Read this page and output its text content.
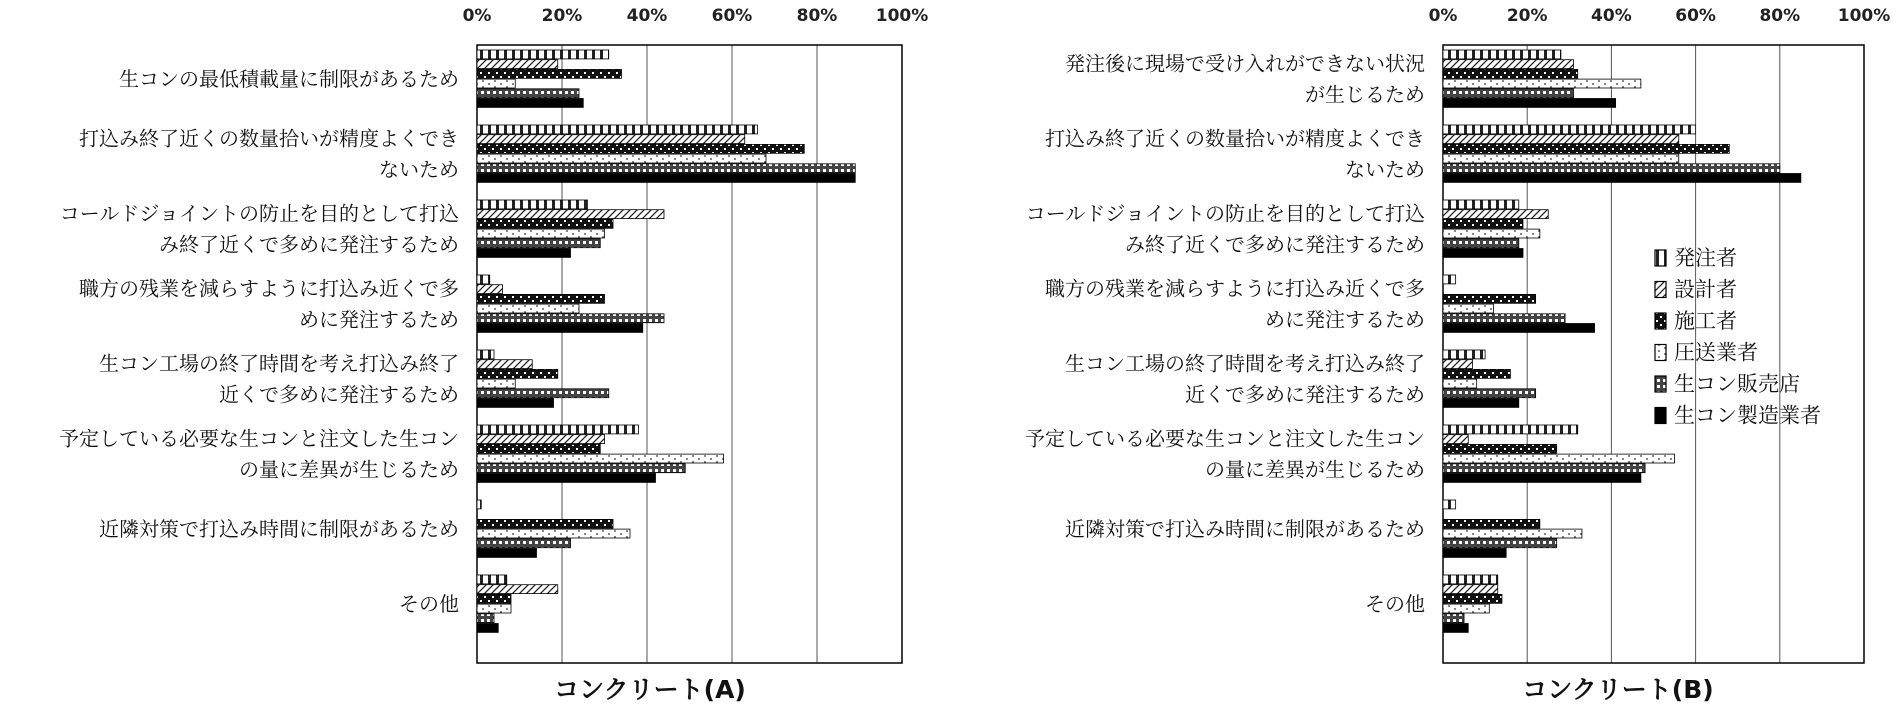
0%	20%	40%	60%	80% 100%
生コンの最低積載量に制限があるため
打込み終了近くの数量拾いが精度よくでき
ないため
コールドジョイントの防止を目的として打込
み終了近くで多めに発注するため
職方の残業を減らすように打込み近くで多
めに発注するため
生コン工場の終了時間を考え打込み終了
近くで多めに発注するため
予定している必要な生コンと注文した生コン
の量に差異が生じるため
近隣対策で打込み時間に制限があるため
その他
コンクリート(A)
0%	20%	40%	60%	80% 100%
発注後に現場で受け入れができない状況
が生じるため
打込み終了近くの数量拾いが精度よくでき
ないため
コールドジョイントの防止を目的として打込
み終了近くで多めに発注するため
職方の残業を減らすように打込み近くで多
めに発注するため
生コン工場の終了時間を考え打込み終了
近くで多めに発注するため
予定している必要な生コンと注文した生コン
の量に差異が生じるため
近隣対策で打込み時間に制限があるため
その他
コンクリート(B)
発注者
設計者
施工者
圧送業者
生コン販売店
生コン製造業者
